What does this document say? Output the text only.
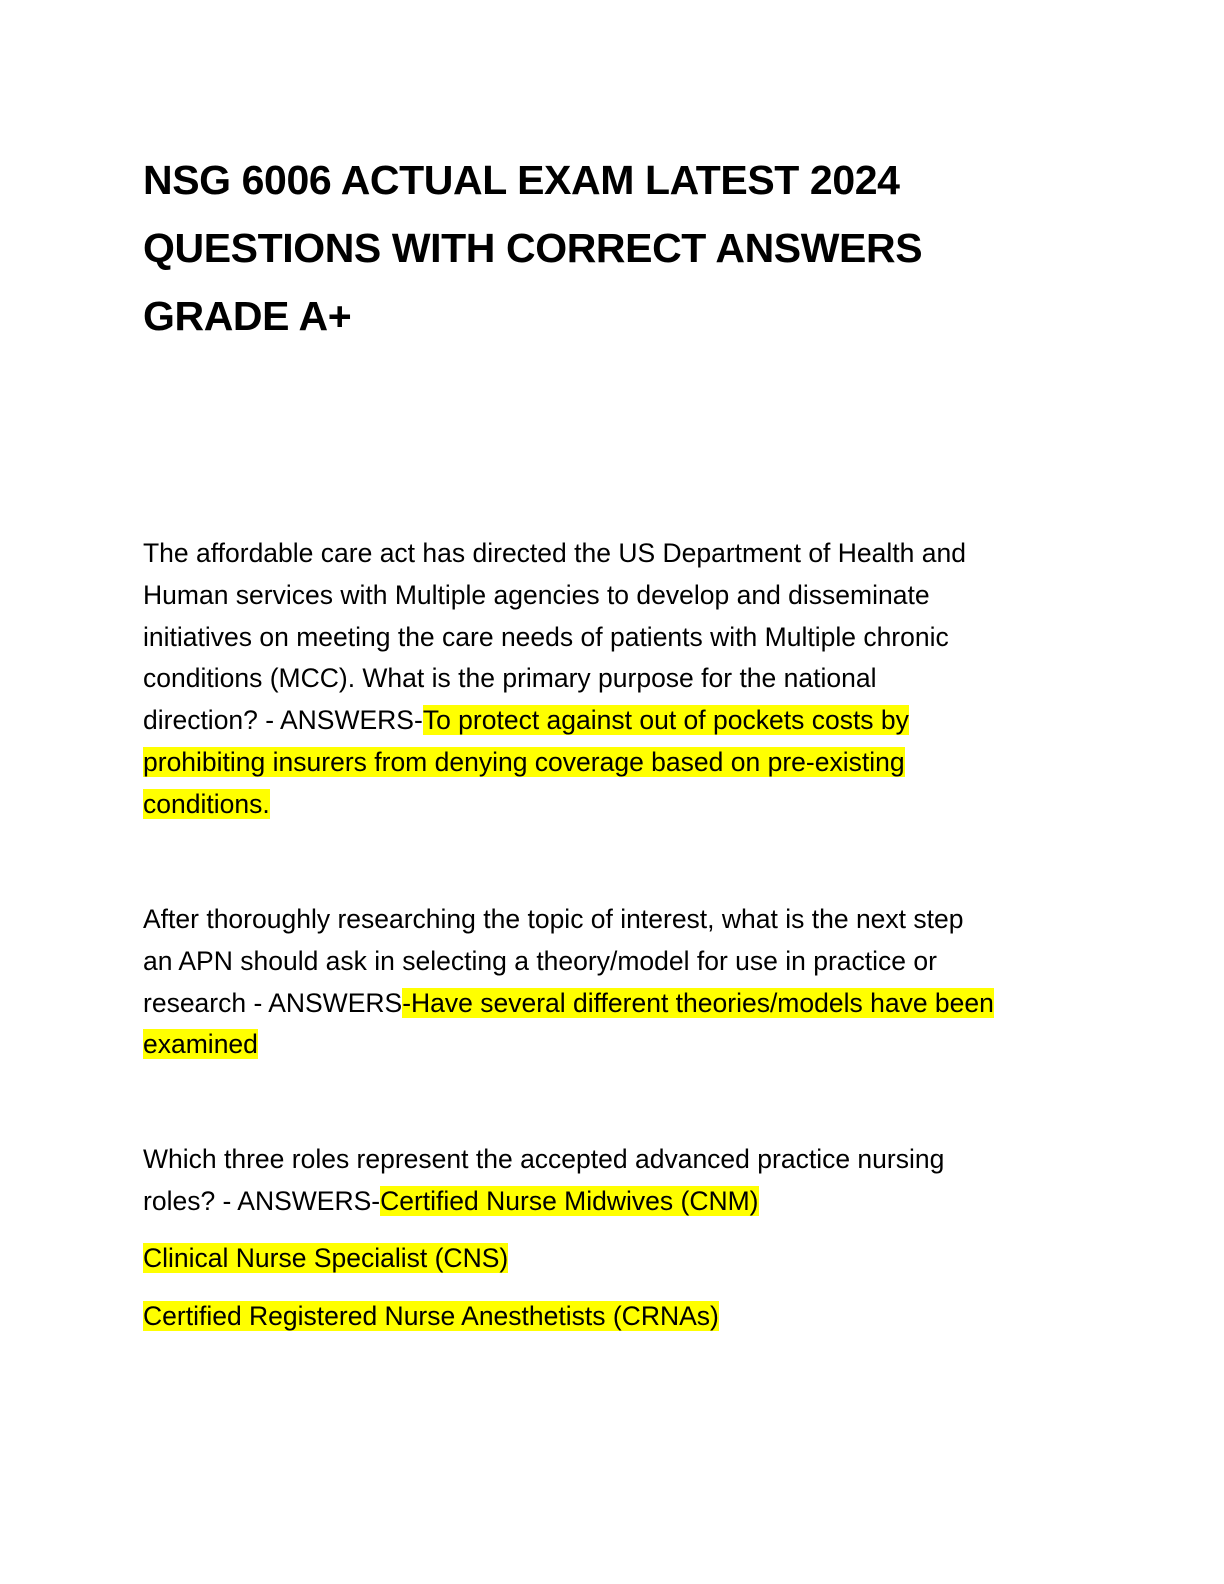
NSG 6006 ACTUAL EXAM LATEST 2024
QUESTIONS WITH CORRECT ANSWERS
GRADE A+

The affordable care act has directed the US Department of Health and
Human services with Multiple agencies to develop and disseminate
initiatives on meeting the care needs of patients with Multiple chronic
conditions (MCC). What is the primary purpose for the national
direction? - ANSWERS-To protect against out of pockets costs by
prohibiting insurers from denying coverage based on pre-existing
conditions.

After thoroughly researching the topic of interest, what is the next step
an APN should ask in selecting a theory/model for use in practice or
research - ANSWERS-Have several different theories/models have been
examined

Which three roles represent the accepted advanced practice nursing
roles? - ANSWERS-Certified Nurse Midwives (CNM)

Clinical Nurse Specialist (CNS)

Certified Registered Nurse Anesthetists (CRNAs)
